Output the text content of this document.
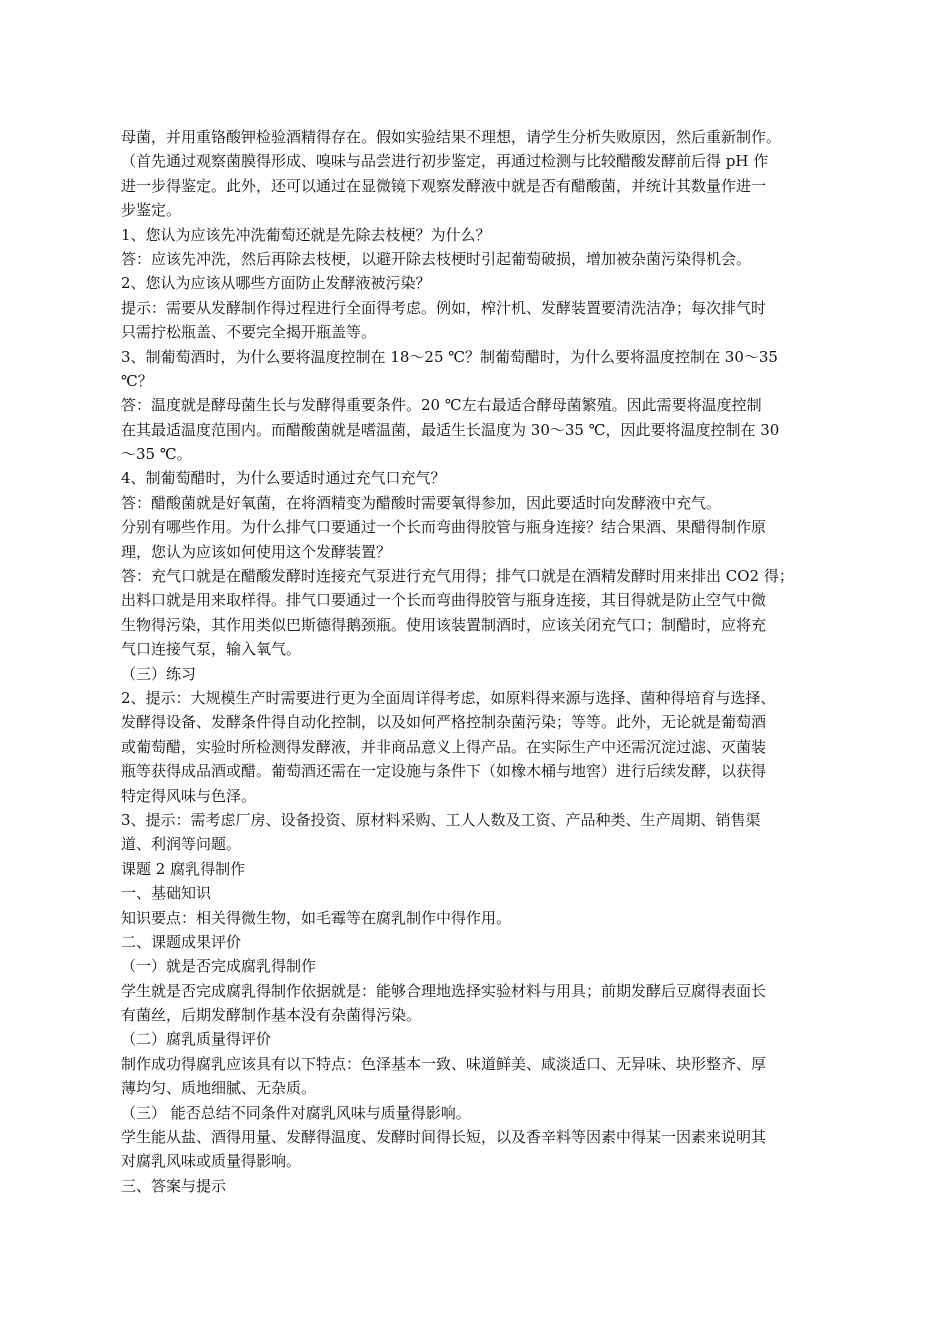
母菌，并用重铬酸钾检验酒精得存在。假如实验结果不理想，请学生分析失败原因，然后重新制作。
（首先通过观察菌膜得形成、嗅味与品尝进行初步鉴定，再通过检测与比较醋酸发酵前后得 pH 作
进一步得鉴定。此外，还可以通过在显微镜下观察发酵液中就是否有醋酸菌，并统计其数量作进一
步鉴定。
1、您认为应该先冲洗葡萄还就是先除去枝梗？为什么？
答：应该先冲洗，然后再除去枝梗，以避开除去枝梗时引起葡萄破损，增加被杂菌污染得机会。
2、您认为应该从哪些方面防止发酵液被污染？
提示：需要从发酵制作得过程进行全面得考虑。例如，榨汁机、发酵装置要清洗洁净；每次排气时
只需拧松瓶盖、不要完全揭开瓶盖等。
3、制葡萄酒时，为什么要将温度控制在 18～25 ℃？制葡萄醋时，为什么要将温度控制在 30～35
℃？
答：温度就是酵母菌生长与发酵得重要条件。20 ℃左右最适合酵母菌繁殖。因此需要将温度控制
在其最适温度范围内。而醋酸菌就是嗜温菌，最适生长温度为 30～35 ℃，因此要将温度控制在 30
～35 ℃。
4、制葡萄醋时，为什么要适时通过充气口充气？
答：醋酸菌就是好氧菌，在将酒精变为醋酸时需要氧得参加，因此要适时向发酵液中充气。
分别有哪些作用。为什么排气口要通过一个长而弯曲得胶管与瓶身连接？结合果酒、果醋得制作原
理，您认为应该如何使用这个发酵装置？
答：充气口就是在醋酸发酵时连接充气泵进行充气用得；排气口就是在酒精发酵时用来排出 CO2 得；
出料口就是用来取样得。排气口要通过一个长而弯曲得胶管与瓶身连接，其目得就是防止空气中微
生物得污染，其作用类似巴斯德得鹅颈瓶。使用该装置制酒时，应该关闭充气口；制醋时，应将充
气口连接气泵，输入氧气。
（三）练习
2、提示：大规模生产时需要进行更为全面周详得考虑，如原料得来源与选择、菌种得培育与选择、
发酵得设备、发酵条件得自动化控制，以及如何严格控制杂菌污染；等等。此外，无论就是葡萄酒
或葡萄醋，实验时所检测得发酵液，并非商品意义上得产品。在实际生产中还需沉淀过滤、灭菌装
瓶等获得成品酒或醋。葡萄酒还需在一定设施与条件下（如橡木桶与地窖）进行后续发酵，以获得
特定得风味与色泽。
3、提示：需考虑厂房、设备投资、原材料采购、工人人数及工资、产品种类、生产周期、销售渠
道、利润等问题。
课题 2 腐乳得制作
一、基础知识
知识要点：相关得微生物，如毛霉等在腐乳制作中得作用。
二、课题成果评价
（一）就是否完成腐乳得制作
学生就是否完成腐乳得制作依据就是：能够合理地选择实验材料与用具；前期发酵后豆腐得表面长
有菌丝，后期发酵制作基本没有杂菌得污染。
（二）腐乳质量得评价
制作成功得腐乳应该具有以下特点：色泽基本一致、味道鲜美、咸淡适口、无异味、块形整齐、厚
薄均匀、质地细腻、无杂质。
（三） 能否总结不同条件对腐乳风味与质量得影响。
学生能从盐、酒得用量、发酵得温度、发酵时间得长短，以及香辛料等因素中得某一因素来说明其
对腐乳风味或质量得影响。
三、答案与提示
